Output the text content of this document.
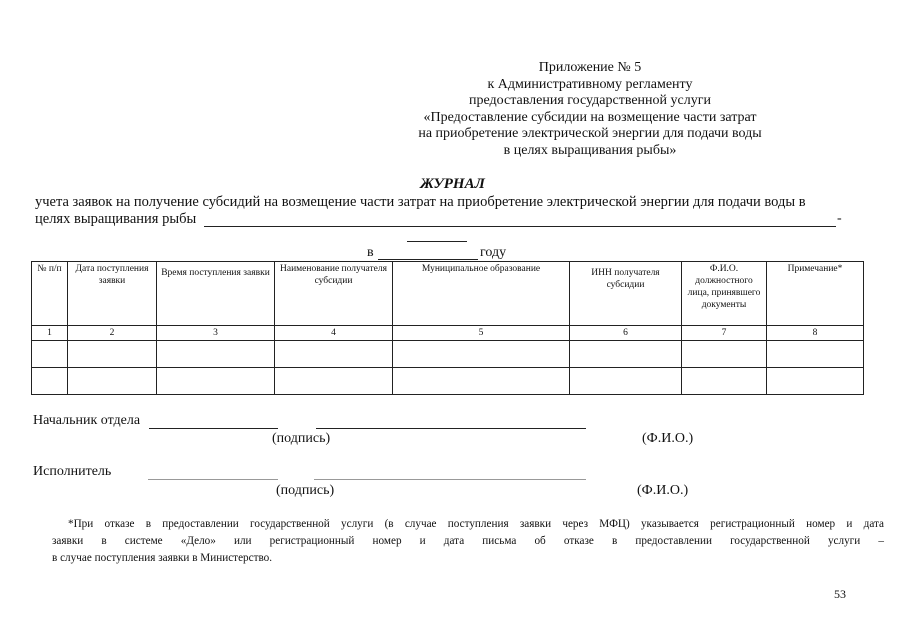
Приложение № 5
к Административному регламенту
предоставления государственной услуги
«Предоставление субсидии на возмещение части затрат
на приобретение электрической энергии для подачи воды
в целях выращивания рыбы»
ЖУРНАЛ
учета заявок на получение субсидий на возмещение части затрат на приобретение электрической энергии для подачи воды в
целях выращивания рыбы	-
в	году
№ п/п	Дата поступления заявки	Время поступления заявки	Наименование получателя субсидии	Муниципальное образование	ИНН получателя субсидии	Ф.И.О. должностного лица, принявшего документы	Примечание*
1	2	3	4	5	6	7	8

Начальник отдела
(подпись)	(Ф.И.О.)
Исполнитель
(подпись)	(Ф.И.О.)

*При отказе в предоставлении государственной услуги (в случае поступления заявки через МФЦ) указывается регистрационный номер и дата

заявки в системе «Дело» или регистрационный номер и дата письма об отказе в предоставлении государственной услуги –

в случае поступления заявки в Министерство.

53
